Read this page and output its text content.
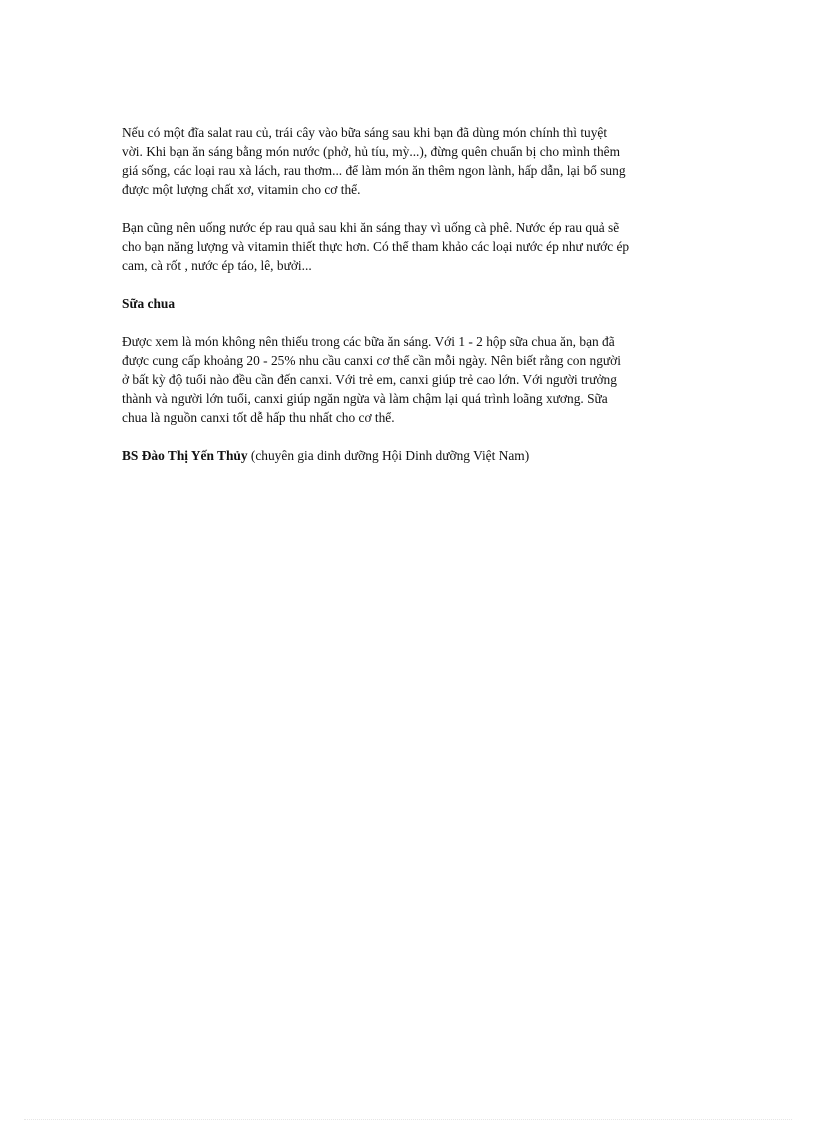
Nếu có một đĩa salat rau củ, trái cây vào bữa sáng sau khi bạn đã dùng món chính thì tuyệt
vời. Khi bạn ăn sáng bằng món nước (phở, hủ tíu, mỳ...), đừng quên chuẩn bị cho mình thêm
giá sống, các loại rau xà lách, rau thơm... để làm món ăn thêm ngon lành, hấp dẫn, lại bổ sung
được một lượng chất xơ, vitamin cho cơ thể.

Bạn cũng nên uống nước ép rau quả sau khi ăn sáng thay vì uống cà phê. Nước ép rau quả sẽ
cho bạn năng lượng và vitamin thiết thực hơn. Có thể tham khảo các loại nước ép như nước ép
cam, cà rốt , nước ép táo, lê, bưởi...

Sữa chua

Được xem là món không nên thiếu trong các bữa ăn sáng. Với 1 - 2 hộp sữa chua ăn, bạn đã
được cung cấp khoảng 20 - 25% nhu cầu canxi cơ thể cần mỗi ngày. Nên biết rằng con người
ở bất kỳ độ tuổi nào đều cần đến canxi. Với trẻ em, canxi giúp trẻ cao lớn. Với người trưởng
thành và người lớn tuổi, canxi giúp ngăn ngừa và làm chậm lại quá trình loãng xương. Sữa
chua là nguồn canxi tốt dễ hấp thu nhất cho cơ thể.

BS Đào Thị Yến Thủy (chuyên gia dinh dưỡng Hội Dinh dưỡng Việt Nam)
